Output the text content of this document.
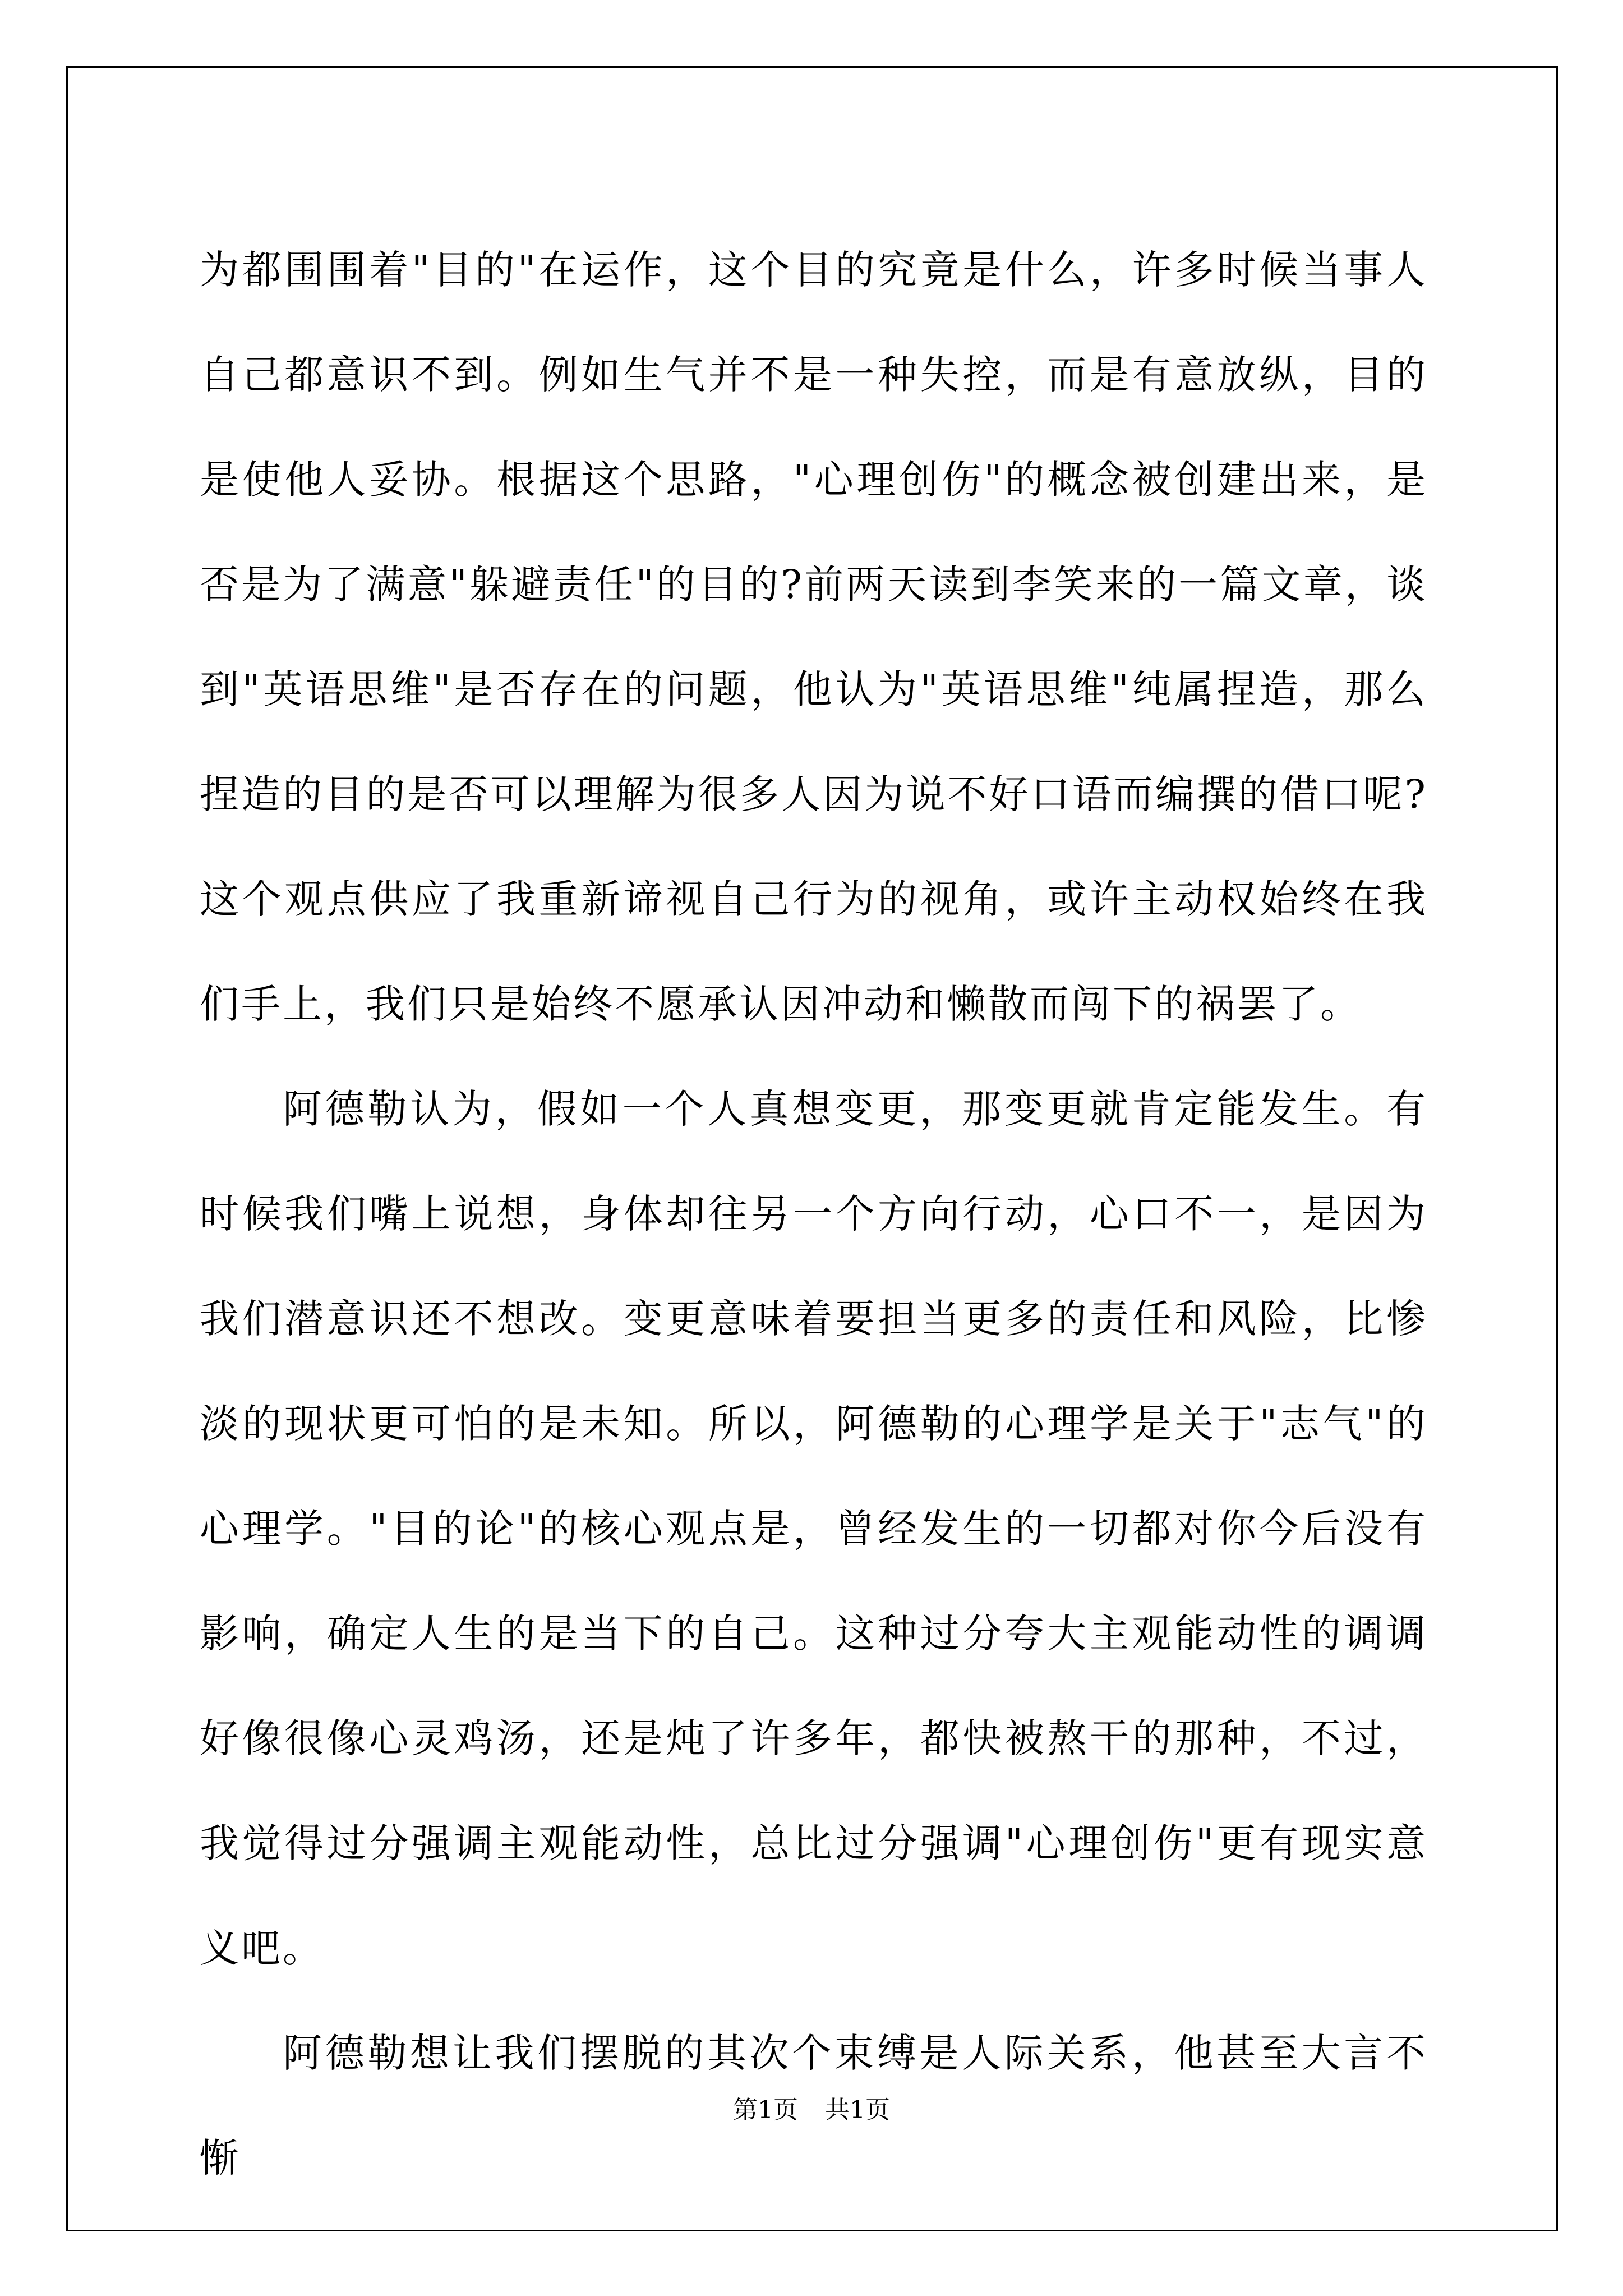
为都围围着"目的"在运作，这个目的究竟是什么，许多时候当事人自己都意识不到。例如生气并不是一种失控，而是有意放纵，目的是使他人妥协。根据这个思路，"心理创伤"的概念被创建出来，是否是为了满意"躲避责任"的目的?前两天读到李笑来的一篇文章，谈到"英语思维"是否存在的问题，他认为"英语思维"纯属捏造，那么捏造的目的是否可以理解为很多人因为说不好口语而编撰的借口呢?这个观点供应了我重新谛视自己行为的视角，或许主动权始终在我们手上，我们只是始终不愿承认因冲动和懒散而闯下的祸罢了。

阿德勒认为，假如一个人真想变更，那变更就肯定能发生。有时候我们嘴上说想，身体却往另一个方向行动，心口不一，是因为我们潜意识还不想改。变更意味着要担当更多的责任和风险，比惨淡的现状更可怕的是未知。所以，阿德勒的心理学是关于"志气"的心理学。"目的论"的核心观点是，曾经发生的一切都对你今后没有影响，确定人生的是当下的自己。这种过分夸大主观能动性的调调好像很像心灵鸡汤，还是炖了许多年，都快被熬干的那种，不过，我觉得过分强调主观能动性，总比过分强调"心理创伤"更有现实意义吧。

阿德勒想让我们摆脱的其次个束缚是人际关系，他甚至大言不惭

第1页 共1页
